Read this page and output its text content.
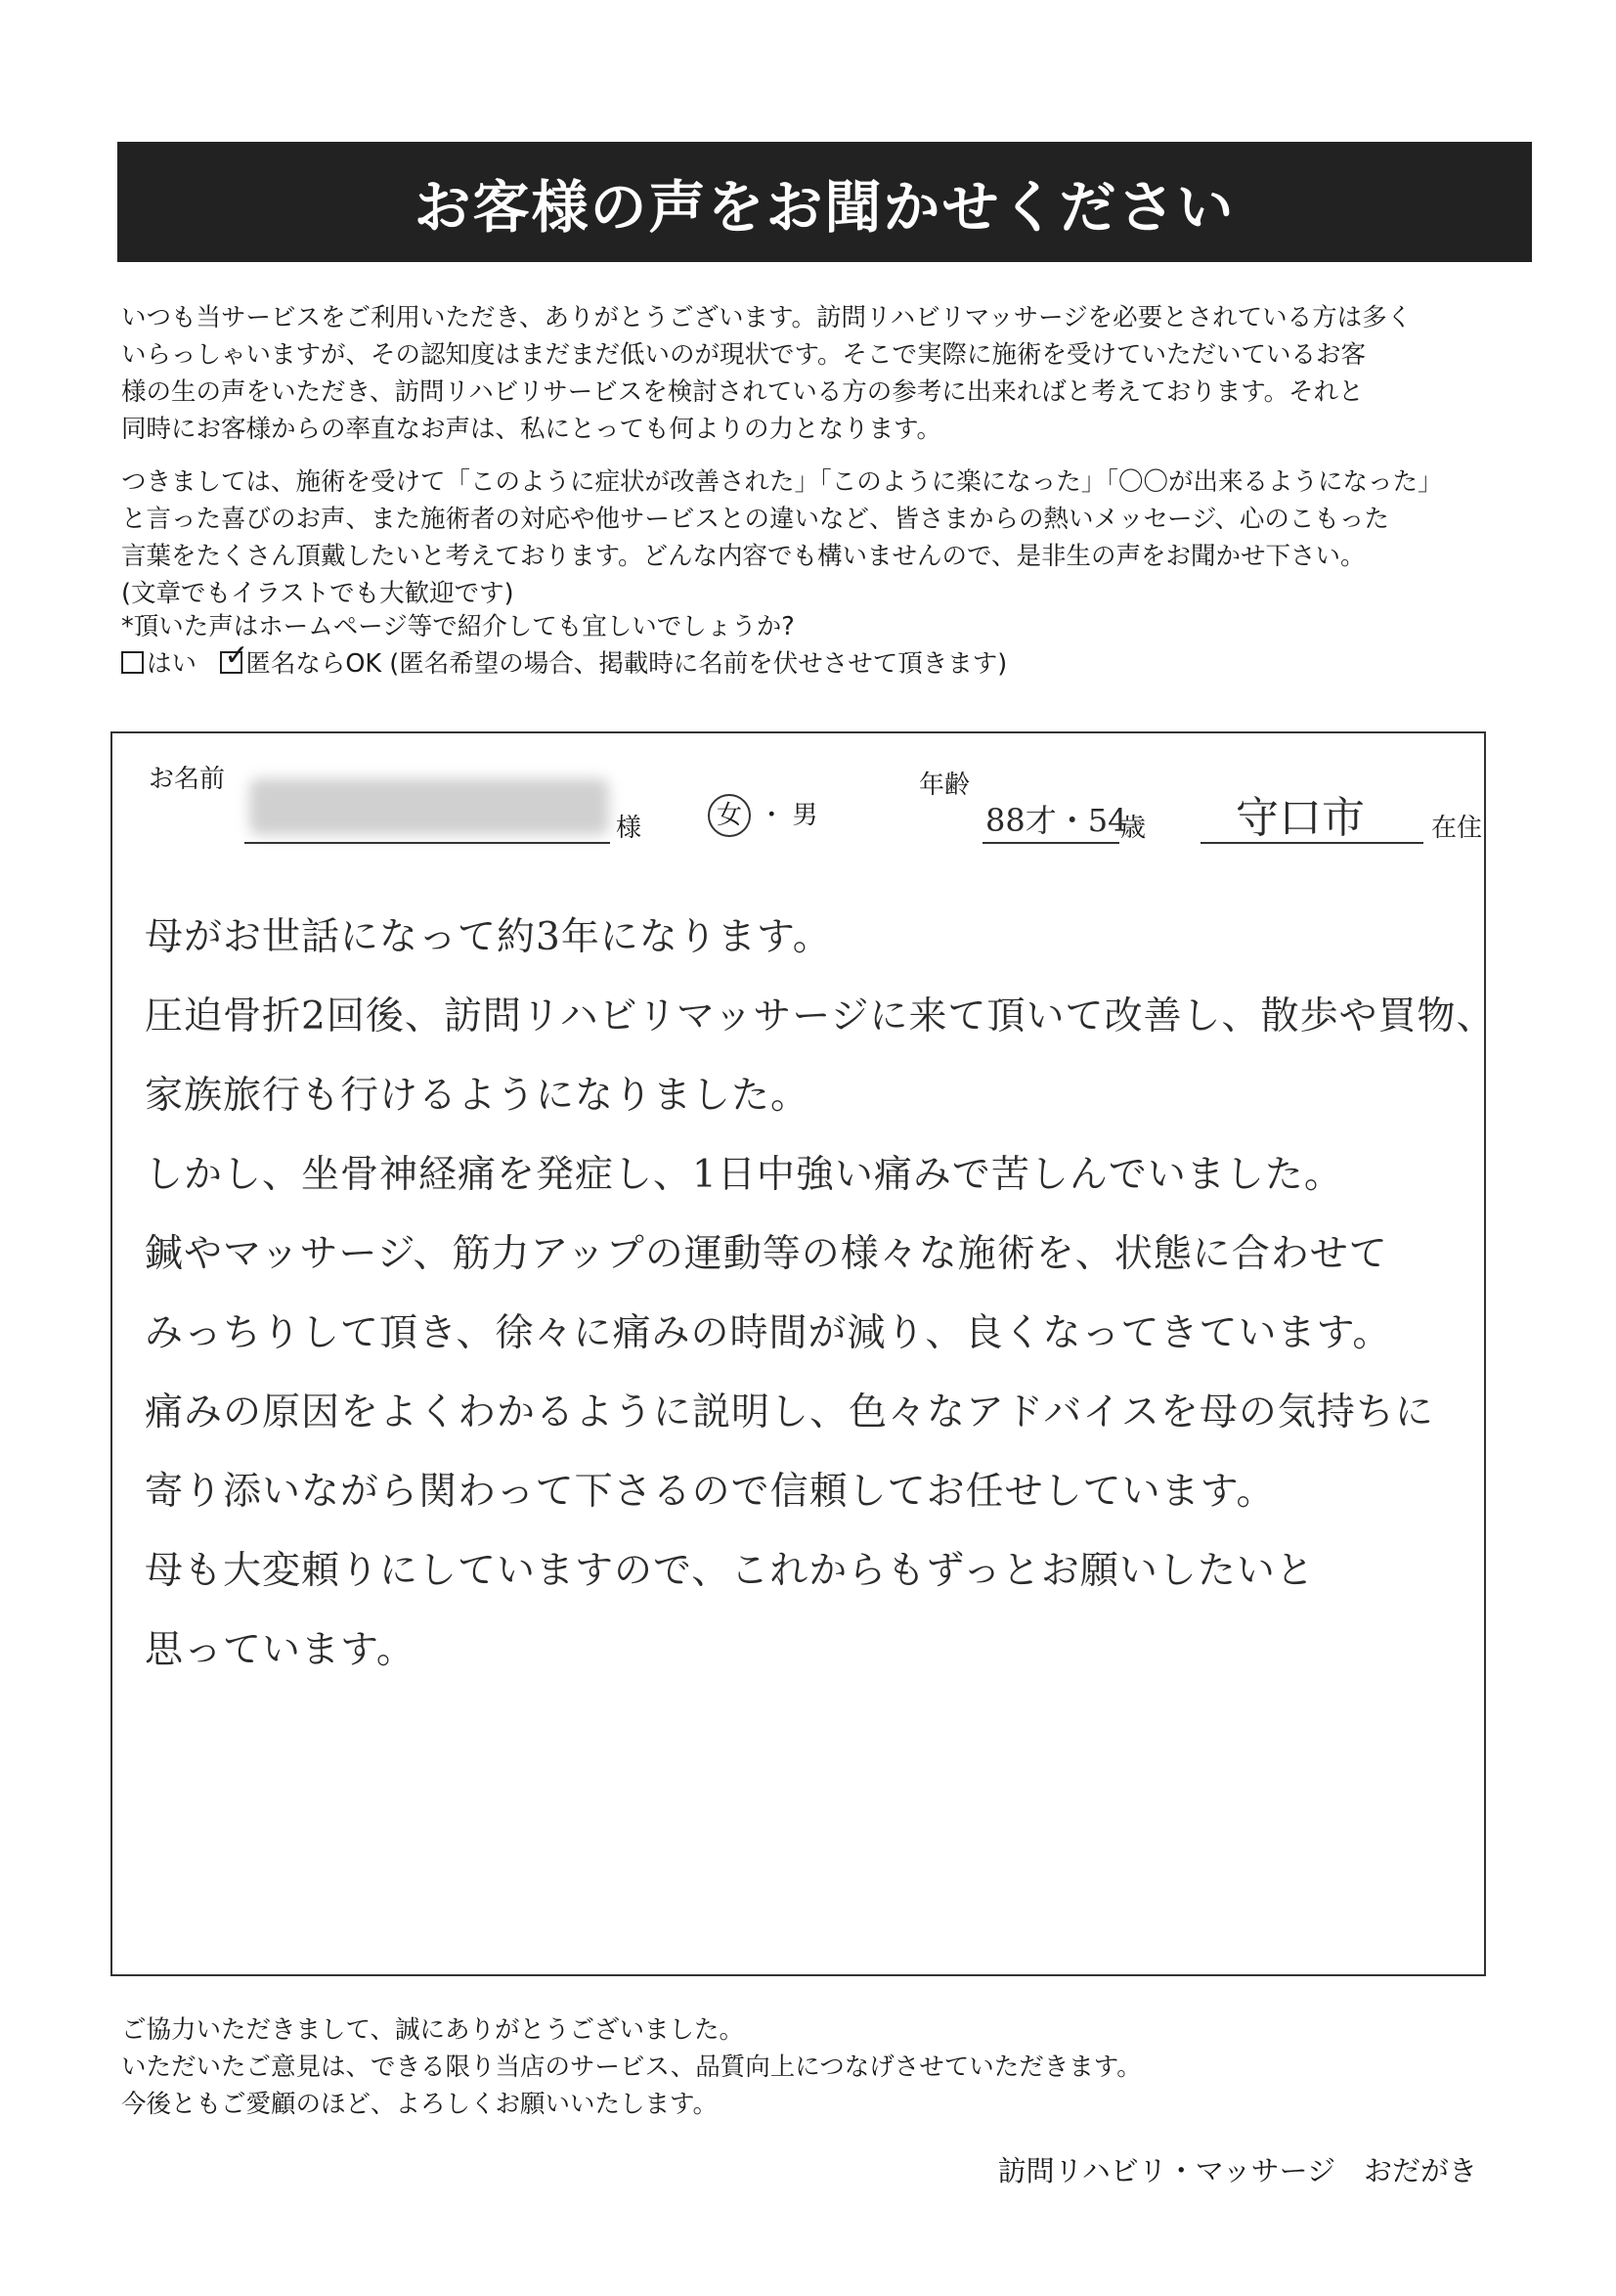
お客様の声をお聞かせください

いつも当サービスをご利用いただき、ありがとうございます。訪問リハビリマッサージを必要とされている方は多く
いらっしゃいますが、その認知度はまだまだ低いのが現状です。そこで実際に施術を受けていただいているお客
様の生の声をいただき、訪問リハビリサービスを検討されている方の参考に出来ればと考えております。それと
同時にお客様からの率直なお声は、私にとっても何よりの力となります。

つきましては、施術を受けて「このように症状が改善された」「このように楽になった」「〇〇が出来るようになった」
と言った喜びのお声、また施術者の対応や他サービスとの違いなど、皆さまからの熱いメッセージ、心のこもった
言葉をたくさん頂戴したいと考えております。どんな内容でも構いませんので、是非生の声をお聞かせ下さい。
(文章でもイラストでも大歓迎です)

*頂いた声はホームページ等で紹介しても宜しいでしょうか?
はい   ✓ 匿名ならOK (匿名希望の場合、掲載時に名前を伏せさせて頂きます)
お名前
様	女 ・ 男
年齢
88才・54
歳 守口市	在住
母がお世話になって約3年になります。
圧迫骨折2回後、訪問リハビリマッサージに来て頂いて改善し、散歩や買物、
家族旅行も行けるようになりました。
しかし、坐骨神経痛を発症し、1日中強い痛みで苦しんでいました。
鍼やマッサージ、筋力アップの運動等の様々な施術を、状態に合わせて
みっちりして頂き、徐々に痛みの時間が減り、良くなってきています。
痛みの原因をよくわかるように説明し、色々なアドバイスを母の気持ちに
寄り添いながら関わって下さるので信頼してお任せしています。
母も大変頼りにしていますので、これからもずっとお願いしたいと
思っています。

ご協力いただきまして、誠にありがとうございました。
いただいたご意見は、できる限り当店のサービス、品質向上につなげさせていただきます。
今後ともご愛顧のほど、よろしくお願いいたします。

訪問リハビリ・マッサージ　おだがき
